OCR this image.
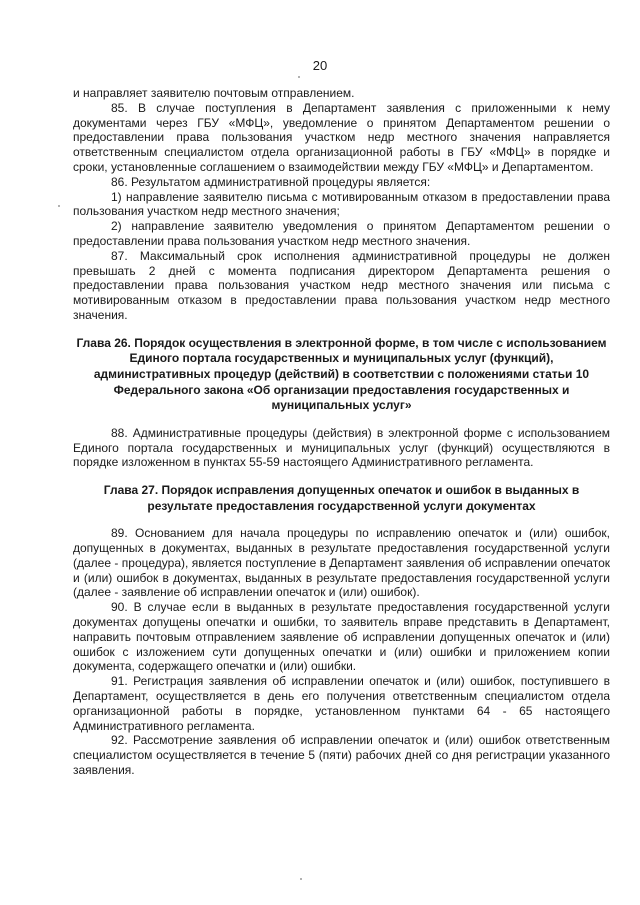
20

и направляет заявителю почтовым отправлением.

85. В случае поступления в Департамент заявления с приложенными к нему документами через ГБУ «МФЦ», уведомление о принятом Департаментом решении о предоставлении права пользования участком недр местного значения направляется ответственным специалистом отдела организационной работы в ГБУ «МФЦ» в порядке и сроки, установленные соглашением о взаимодействии между ГБУ «МФЦ» и Департаментом.

86. Результатом административной процедуры является:

1) направление заявителю письма с мотивированным отказом в предоставлении права пользования участком недр местного значения;

2) направление заявителю уведомления о принятом Департаментом решении о предоставлении права пользования участком недр местного значения.

87. Максимальный срок исполнения административной процедуры не должен превышать 2 дней с момента подписания директором Департамента решения о предоставлении права пользования участком недр местного значения или письма с мотивированным отказом в предоставлении права пользования участком недр местного значения.

Глава 26. Порядок осуществления в электронной форме, в том числе с использованием Единого портала государственных и муниципальных услуг (функций), административных процедур (действий) в соответствии с положениями статьи 10 Федерального закона «Об организации предоставления государственных и муниципальных услуг»

88. Административные процедуры (действия) в электронной форме с использованием Единого портала государственных и муниципальных услуг (функций) осуществляются в порядке изложенном в пунктах 55-59 настоящего Административного регламента.

Глава 27. Порядок исправления допущенных опечаток и ошибок в выданных в результате предоставления государственной услуги документах

89. Основанием для начала процедуры по исправлению опечаток и (или) ошибок, допущенных в документах, выданных в результате предоставления государственной услуги (далее - процедура), является поступление в Департамент заявления об исправлении опечаток и (или) ошибок в документах, выданных в результате предоставления государственной услуги (далее - заявление об исправлении опечаток и (или) ошибок).

90. В случае если в выданных в результате предоставления государственной услуги документах допущены опечатки и ошибки, то заявитель вправе представить в Департамент, направить почтовым отправлением заявление об исправлении допущенных опечаток и (или) ошибок с изложением сути допущенных опечатки и (или) ошибки и приложением копии документа, содержащего опечатки и (или) ошибки.

91. Регистрация заявления об исправлении опечаток и (или) ошибок, поступившего в Департамент, осуществляется в день его получения ответственным специалистом отдела организационной работы в порядке, установленном пунктами 64 - 65 настоящего Административного регламента.

92. Рассмотрение заявления об исправлении опечаток и (или) ошибок ответственным специалистом осуществляется в течение 5 (пяти) рабочих дней со дня регистрации указанного заявления.
